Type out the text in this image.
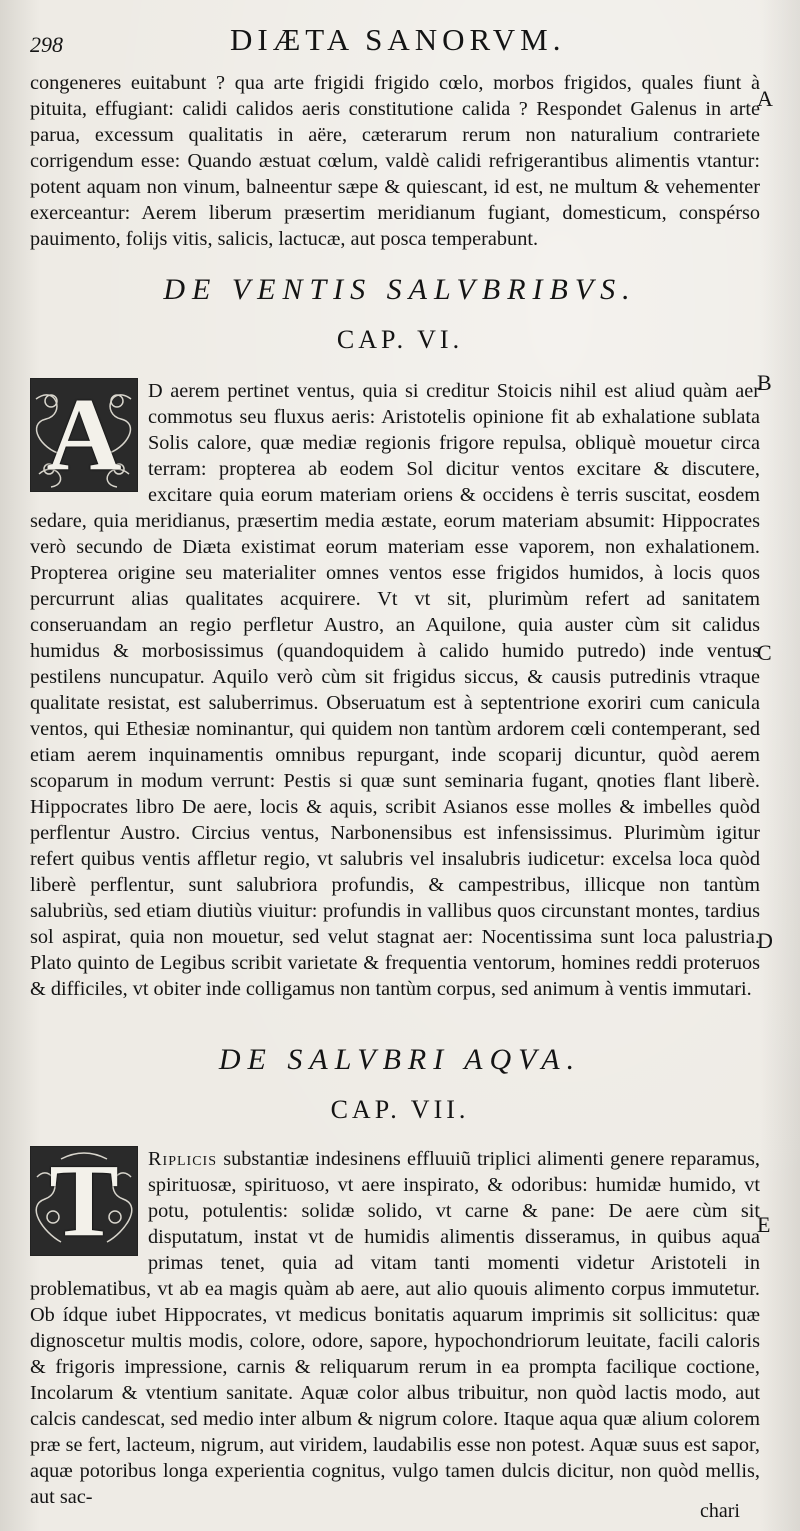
298	DIÆTA SANORVM.

congeneres euitabunt ? qua arte frigidi frigido cœlo, morbos frigidos, quales fiunt à pituita, effugiant: calidi calidos aeris constitutione calida ? Respondet Galenus in arte parua, excessum qualitatis in aëre, cæterarum rerum non naturalium contrariete corrigendum esse: Quando æstuat cœlum, valdè calidi refrigerantibus alimentis vtantur: potent aquam non vinum, balneentur sæpe & quiescant, id est, ne multum & vehementer exerceantur: Aerem liberum præsertim meridianum fugiant, domesticum, conspérso pauimento, folijs vitis, salicis, lactucæ, aut posca temperabunt.

DE VENTIS SALVBRIBVS.
CAP. VI.
A	D aerem pertinet ventus, quia si creditur Stoicis nihil est aliud quàm aer commotus seu fluxus aeris: Aristotelis opinione fit ab exhalatione sublata Solis calore, quæ mediæ regionis frigore repulsa, obliquè mouetur circa terram: propterea ab eodem Sol dicitur ventos excitare & discutere, excitare quia eorum materiam oriens & occidens è terris suscitat, eosdem sedare, quia meridianus, præsertim media æstate, eorum materiam absumit: Hippocrates verò secundo de Diæta existimat eorum materiam esse vaporem, non exhalationem. Propterea origine seu materialiter omnes ventos esse frigidos humidos, à locis quos percurrunt alias qualitates acquirere. Vt vt sit, plurimùm refert ad sanitatem conseruandam an regio perfletur Austro, an Aquilone, quia auster cùm sit calidus humidus & morbosissimus (quandoquidem à calido humido putredo) inde ventus pestilens nuncupatur. Aquilo verò cùm sit frigidus siccus, & causis putredinis vtraque qualitate resistat, est saluberrimus. Obseruatum est à septentrione exoriri cum canicula ventos, qui Ethesiæ nominantur, qui quidem non tantùm ardorem cœli contemperant, sed etiam aerem inquinamentis omnibus repurgant, inde scoparij dicuntur, quòd aerem scoparum in modum verrunt: Pestis si quæ sunt seminaria fugant, qnoties flant liberè. Hippocrates libro De aere, locis & aquis, scribit Asianos esse molles & imbelles quòd perflentur Austro. Circius ventus, Narbonensibus est infensissimus. Plurimùm igitur refert quibus ventis affletur regio, vt salubris vel insalubris iudicetur: excelsa loca quòd liberè perflentur, sunt salubriora profundis, & campestribus, illicque non tantùm salubriùs, sed etiam diutiùs viuitur: profundis in vallibus quos circunstant montes, tardius sol aspirat, quia non mouetur, sed velut stagnat aer: Nocentissima sunt loca palustria. Plato quinto de Legibus scribit varietate & frequentia ventorum, homines reddi proteruos & difficiles, vt obiter inde colligamus non tantùm corpus, sed animum à ventis immutari.

DE SALVBRI AQVA.
CAP. VII.
T	Riplicis substantiæ indesinens effluuiũ triplici alimenti genere reparamus, spirituosæ, spirituoso, vt aere inspirato, & odoribus: humidæ humido, vt potu, potulentis: solidæ solido, vt carne & pane: De aere cùm sit disputatum, instat vt de humidis alimentis disseramus, in quibus aqua primas tenet, quia ad vitam tanti momenti videtur Aristoteli in problematibus, vt ab ea magis quàm ab aere, aut alio quouis alimento corpus immutetur. Ob ídque iubet Hippocrates, vt medicus bonitatis aquarum imprimis sit sollicitus: quæ dignoscetur multis modis, colore, odore, sapore, hypochondriorum leuitate, facili caloris & frigoris impressione, carnis & reliquarum rerum in ea prompta facilique coctione, Incolarum & vtentium sanitate. Aquæ color albus tribuitur, non quòd lactis modo, aut calcis candescat, sed medio inter album & nigrum colore. Itaque aqua quæ alium colorem præ se fert, lacteum, nigrum, aut viridem, laudabilis esse non potest. Aquæ suus est sapor, aquæ potoribus longa experientia cognitus, vulgo tamen dulcis dicitur, non quòd mellis, aut sac-

chari
A
B
C
D
E
